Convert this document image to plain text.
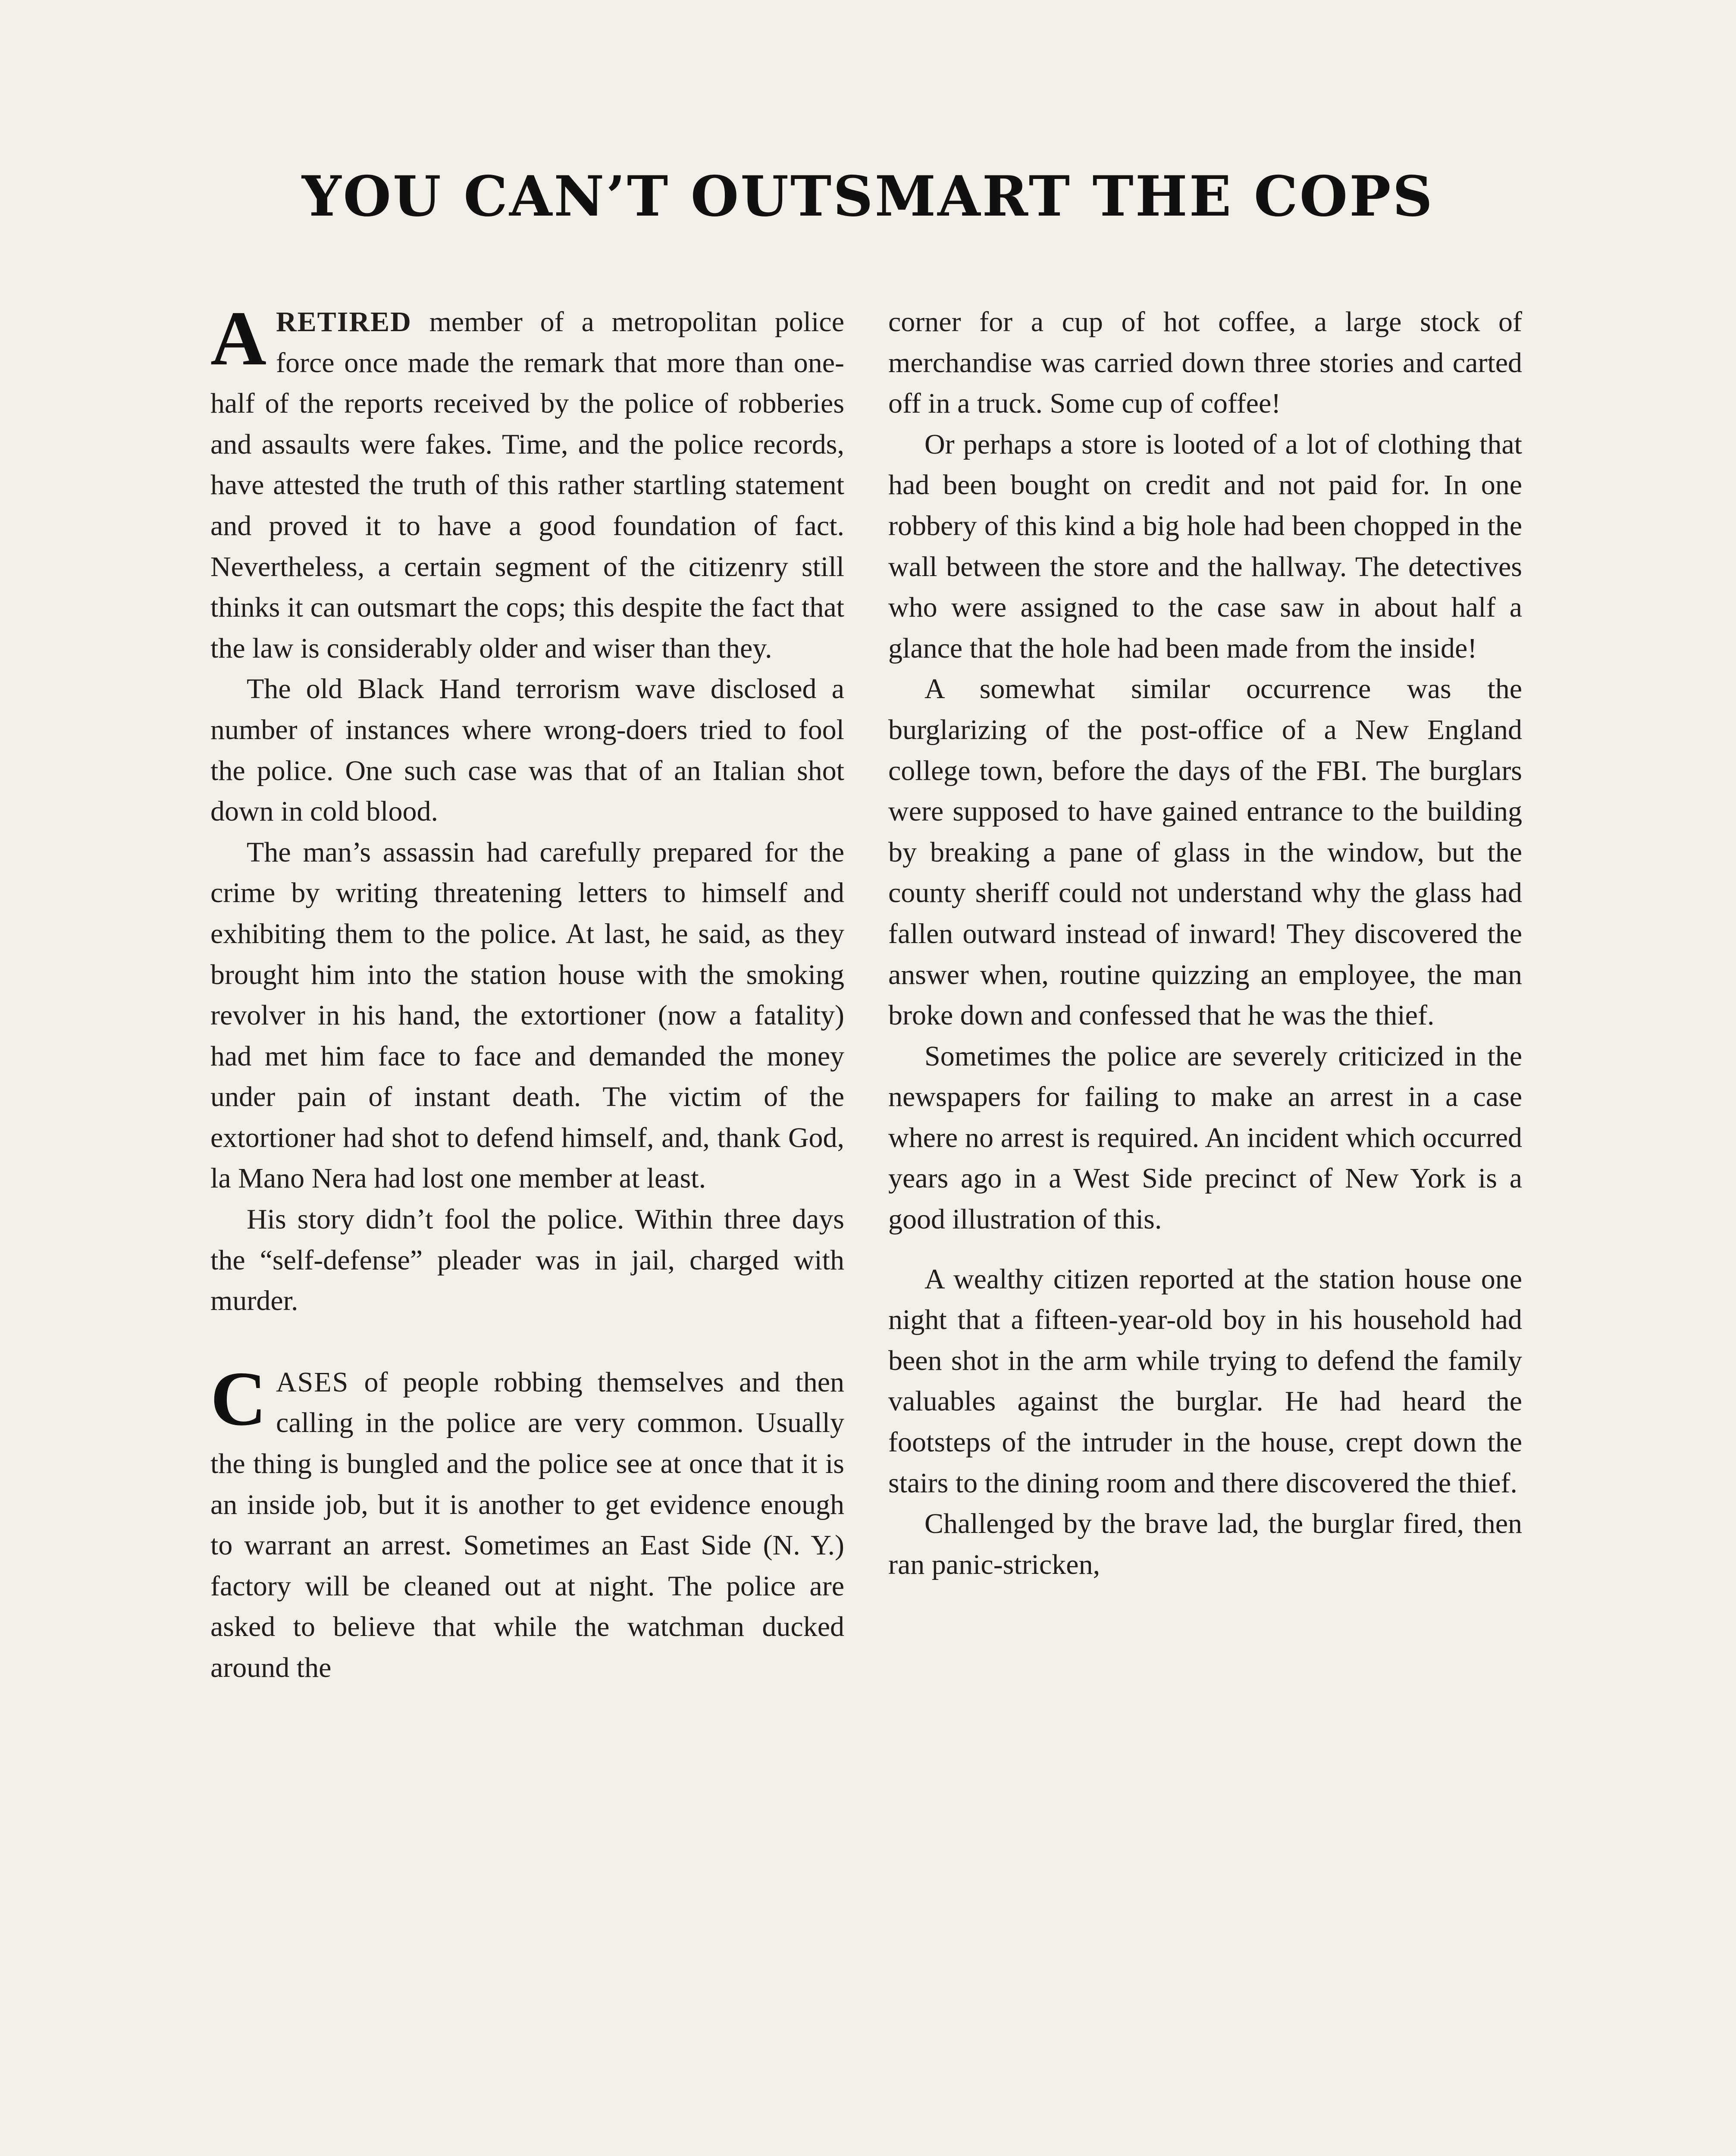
YOU CAN’T OUTSMART THE COPS

ARETIRED member of a metropolitan police force once made the remark that more than one-half of the reports received by the police of robberies and assaults were fakes. Time, and the police records, have attested the truth of this rather startling statement and proved it to have a good foundation of fact. Nevertheless, a certain segment of the citizenry still thinks it can outsmart the cops; this despite the fact that the law is considerably older and wiser than they.

The old Black Hand terrorism wave disclosed a number of instances where wrong-doers tried to fool the police. One such case was that of an Italian shot down in cold blood.

The man’s assassin had carefully prepared for the crime by writing threatening letters to himself and exhibiting them to the police. At last, he said, as they brought him into the station house with the smoking revolver in his hand, the extortioner (now a fatality) had met him face to face and demanded the money under pain of instant death. The victim of the extortioner had shot to defend himself, and, thank God, la Mano Nera had lost one member at least.

His story didn’t fool the police. Within three days the “self-defense” pleader was in jail, charged with murder.

CASES of people robbing themselves and then calling in the police are very common. Usually the thing is bungled and the police see at once that it is an inside job, but it is another to get evidence enough to warrant an arrest. Sometimes an East Side (N. Y.) factory will be cleaned out at night. The police are asked to believe that while the watchman ducked around the

corner for a cup of hot coffee, a large stock of merchandise was carried down three stories and carted off in a truck. Some cup of coffee!

Or perhaps a store is looted of a lot of clothing that had been bought on credit and not paid for. In one robbery of this kind a big hole had been chopped in the wall between the store and the hallway. The detectives who were assigned to the case saw in about half a glance that the hole had been made from the inside!

A somewhat similar occurrence was the burglarizing of the post-office of a New England college town, before the days of the FBI. The burglars were supposed to have gained entrance to the building by breaking a pane of glass in the window, but the county sheriff could not understand why the glass had fallen outward instead of inward! They discovered the answer when, routine quizzing an employee, the man broke down and confessed that he was the thief.

Sometimes the police are severely criticized in the newspapers for failing to make an arrest in a case where no arrest is required. An incident which occurred years ago in a West Side precinct of New York is a good illustration of this.

A wealthy citizen reported at the station house one night that a fifteen-year-old boy in his household had been shot in the arm while trying to defend the family valuables against the burglar. He had heard the footsteps of the intruder in the house, crept down the stairs to the dining room and there discovered the thief.

Challenged by the brave lad, the burglar fired, then ran panic-stricken,
